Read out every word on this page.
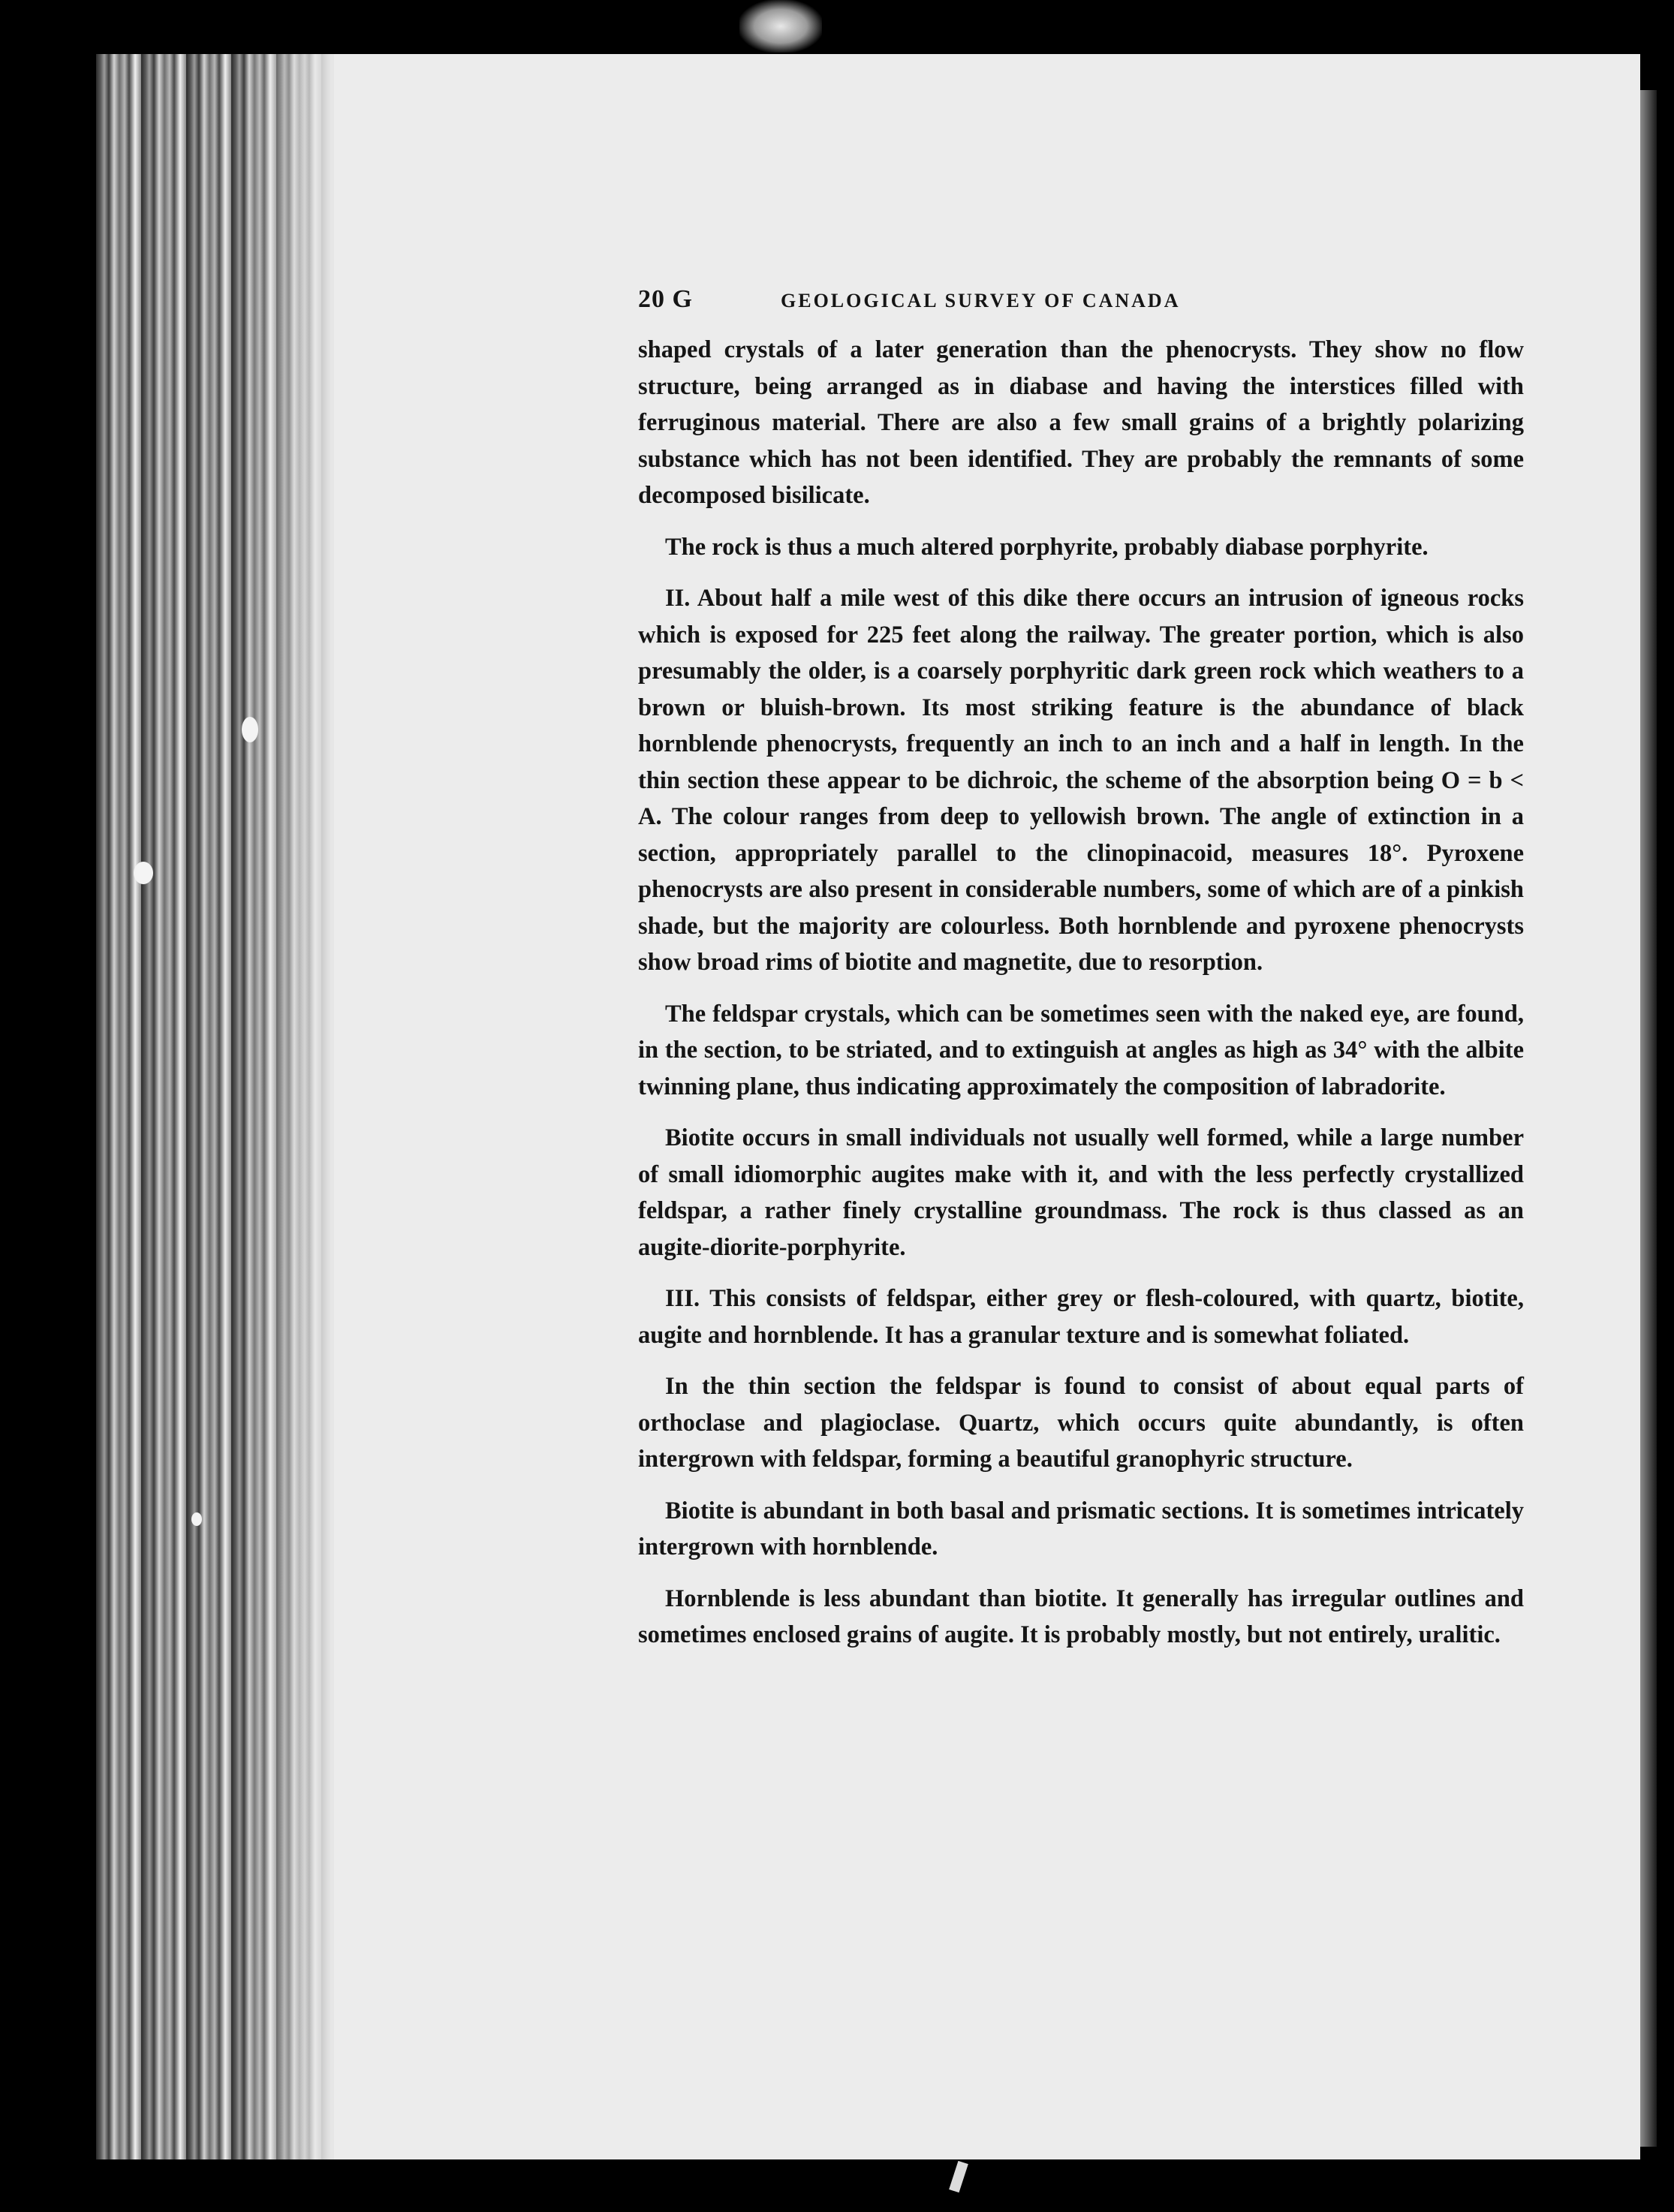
20 G	GEOLOGICAL SURVEY OF CANADA

shaped crystals of a later generation than the phenocrysts. They show no flow structure, being arranged as in diabase and having the interstices filled with ferruginous material. There are also a few small grains of a brightly polarizing substance which has not been identified. They are probably the remnants of some decomposed bisilicate.

The rock is thus a much altered porphyrite, probably diabase porphyrite.

II. About half a mile west of this dike there occurs an intrusion of igneous rocks which is exposed for 225 feet along the railway. The greater portion, which is also presumably the older, is a coarsely porphyritic dark green rock which weathers to a brown or bluish-brown. Its most striking feature is the abundance of black hornblende phenocrysts, frequently an inch to an inch and a half in length. In the thin section these appear to be dichroic, the scheme of the absorption being O = b < A. The colour ranges from deep to yellowish brown. The angle of extinction in a section, appropriately parallel to the clinopinacoid, measures 18°. Pyroxene phenocrysts are also present in considerable numbers, some of which are of a pinkish shade, but the majority are colourless. Both hornblende and pyroxene phenocrysts show broad rims of biotite and magnetite, due to resorption.

The feldspar crystals, which can be sometimes seen with the naked eye, are found, in the section, to be striated, and to extinguish at angles as high as 34° with the albite twinning plane, thus indicating approximately the composition of labradorite.

Biotite occurs in small individuals not usually well formed, while a large number of small idiomorphic augites make with it, and with the less perfectly crystallized feldspar, a rather finely crystalline groundmass. The rock is thus classed as an augite-diorite-porphyrite.

III. This consists of feldspar, either grey or flesh-coloured, with quartz, biotite, augite and hornblende. It has a granular texture and is somewhat foliated.

In the thin section the feldspar is found to consist of about equal parts of orthoclase and plagioclase. Quartz, which occurs quite abundantly, is often intergrown with feldspar, forming a beautiful granophyric structure.

Biotite is abundant in both basal and prismatic sections. It is sometimes intricately intergrown with hornblende.

Hornblende is less abundant than biotite. It generally has irregular outlines and sometimes enclosed grains of augite. It is probably mostly, but not entirely, uralitic.
